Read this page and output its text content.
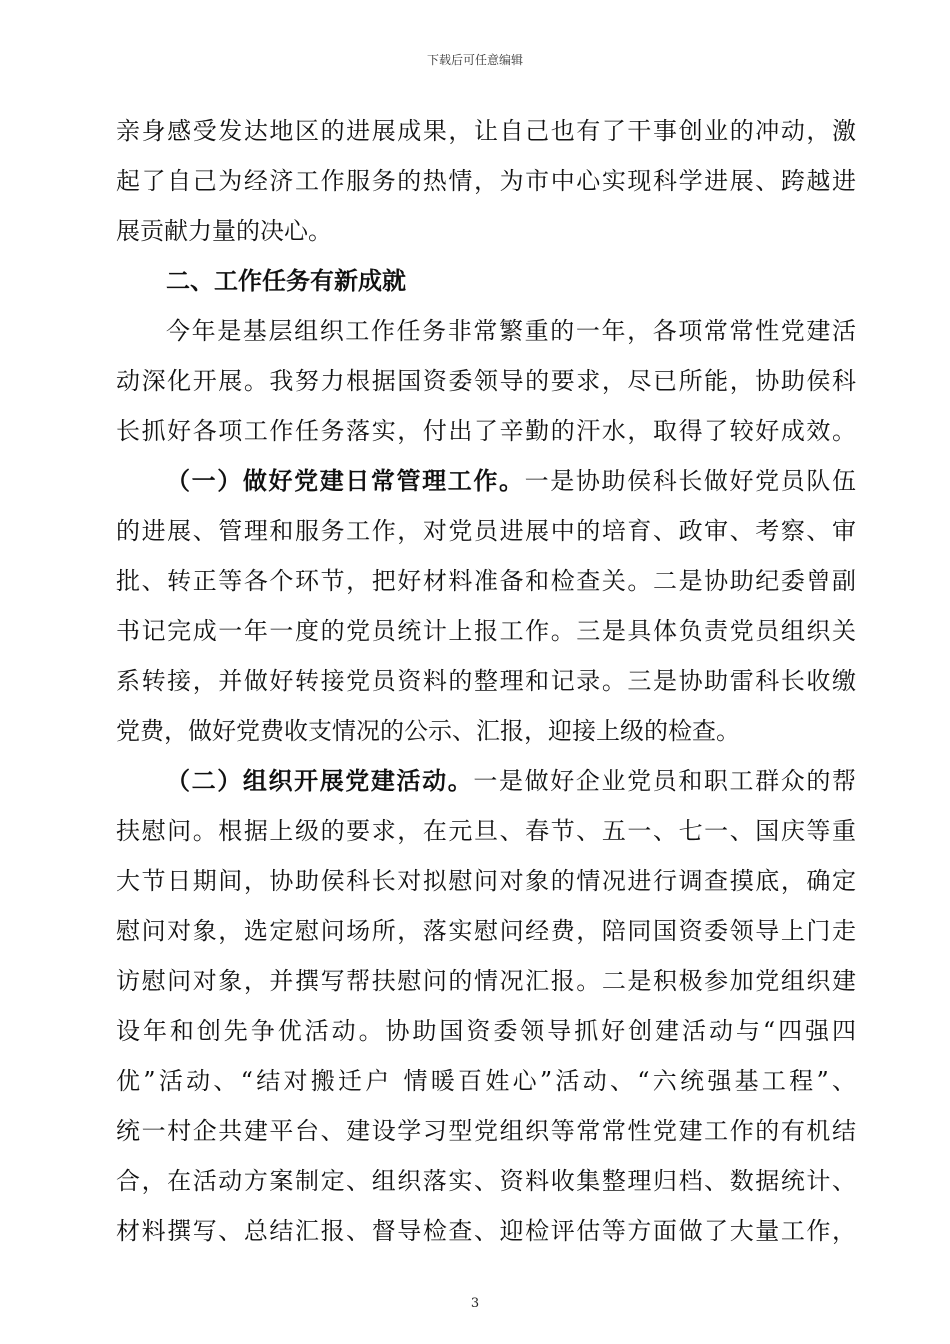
下载后可任意编辑
亲身感受发达地区的进展成果，让自己也有了干事创业的冲动，激
起了自己为经济工作服务的热情，为市中心实现科学进展、跨越进
展贡献力量的决心。
二、工作任务有新成就
今年是基层组织工作任务非常繁重的一年，各项常常性党建活
动深化开展。我努力根据国资委领导的要求，尽已所能，协助侯科
长抓好各项工作任务落实，付出了辛勤的汗水，取得了较好成效。
（一）做好党建日常管理工作。一是协助侯科长做好党员队伍
的进展、管理和服务工作，对党员进展中的培育、政审、考察、审
批、转正等各个环节，把好材料准备和检查关。二是协助纪委曾副
书记完成一年一度的党员统计上报工作。三是具体负责党员组织关
系转接，并做好转接党员资料的整理和记录。三是协助雷科长收缴
党费，做好党费收支情况的公示、汇报，迎接上级的检查。
（二）组织开展党建活动。一是做好企业党员和职工群众的帮
扶慰问。根据上级的要求，在元旦、春节、五一、七一、国庆等重
大节日期间，协助侯科长对拟慰问对象的情况进行调查摸底，确定
慰问对象，选定慰问场所，落实慰问经费，陪同国资委领导上门走
访慰问对象，并撰写帮扶慰问的情况汇报。二是积极参加党组织建
设年和创先争优活动。协助国资委领导抓好创建活动与“四强四
优”活动、“结对搬迁户 情暖百姓心”活动、“六统强基工程”、
统一村企共建平台、建设学习型党组织等常常性党建工作的有机结
合，在活动方案制定、组织落实、资料收集整理归档、数据统计、
材料撰写、总结汇报、督导检查、迎检评估等方面做了大量工作，
3
